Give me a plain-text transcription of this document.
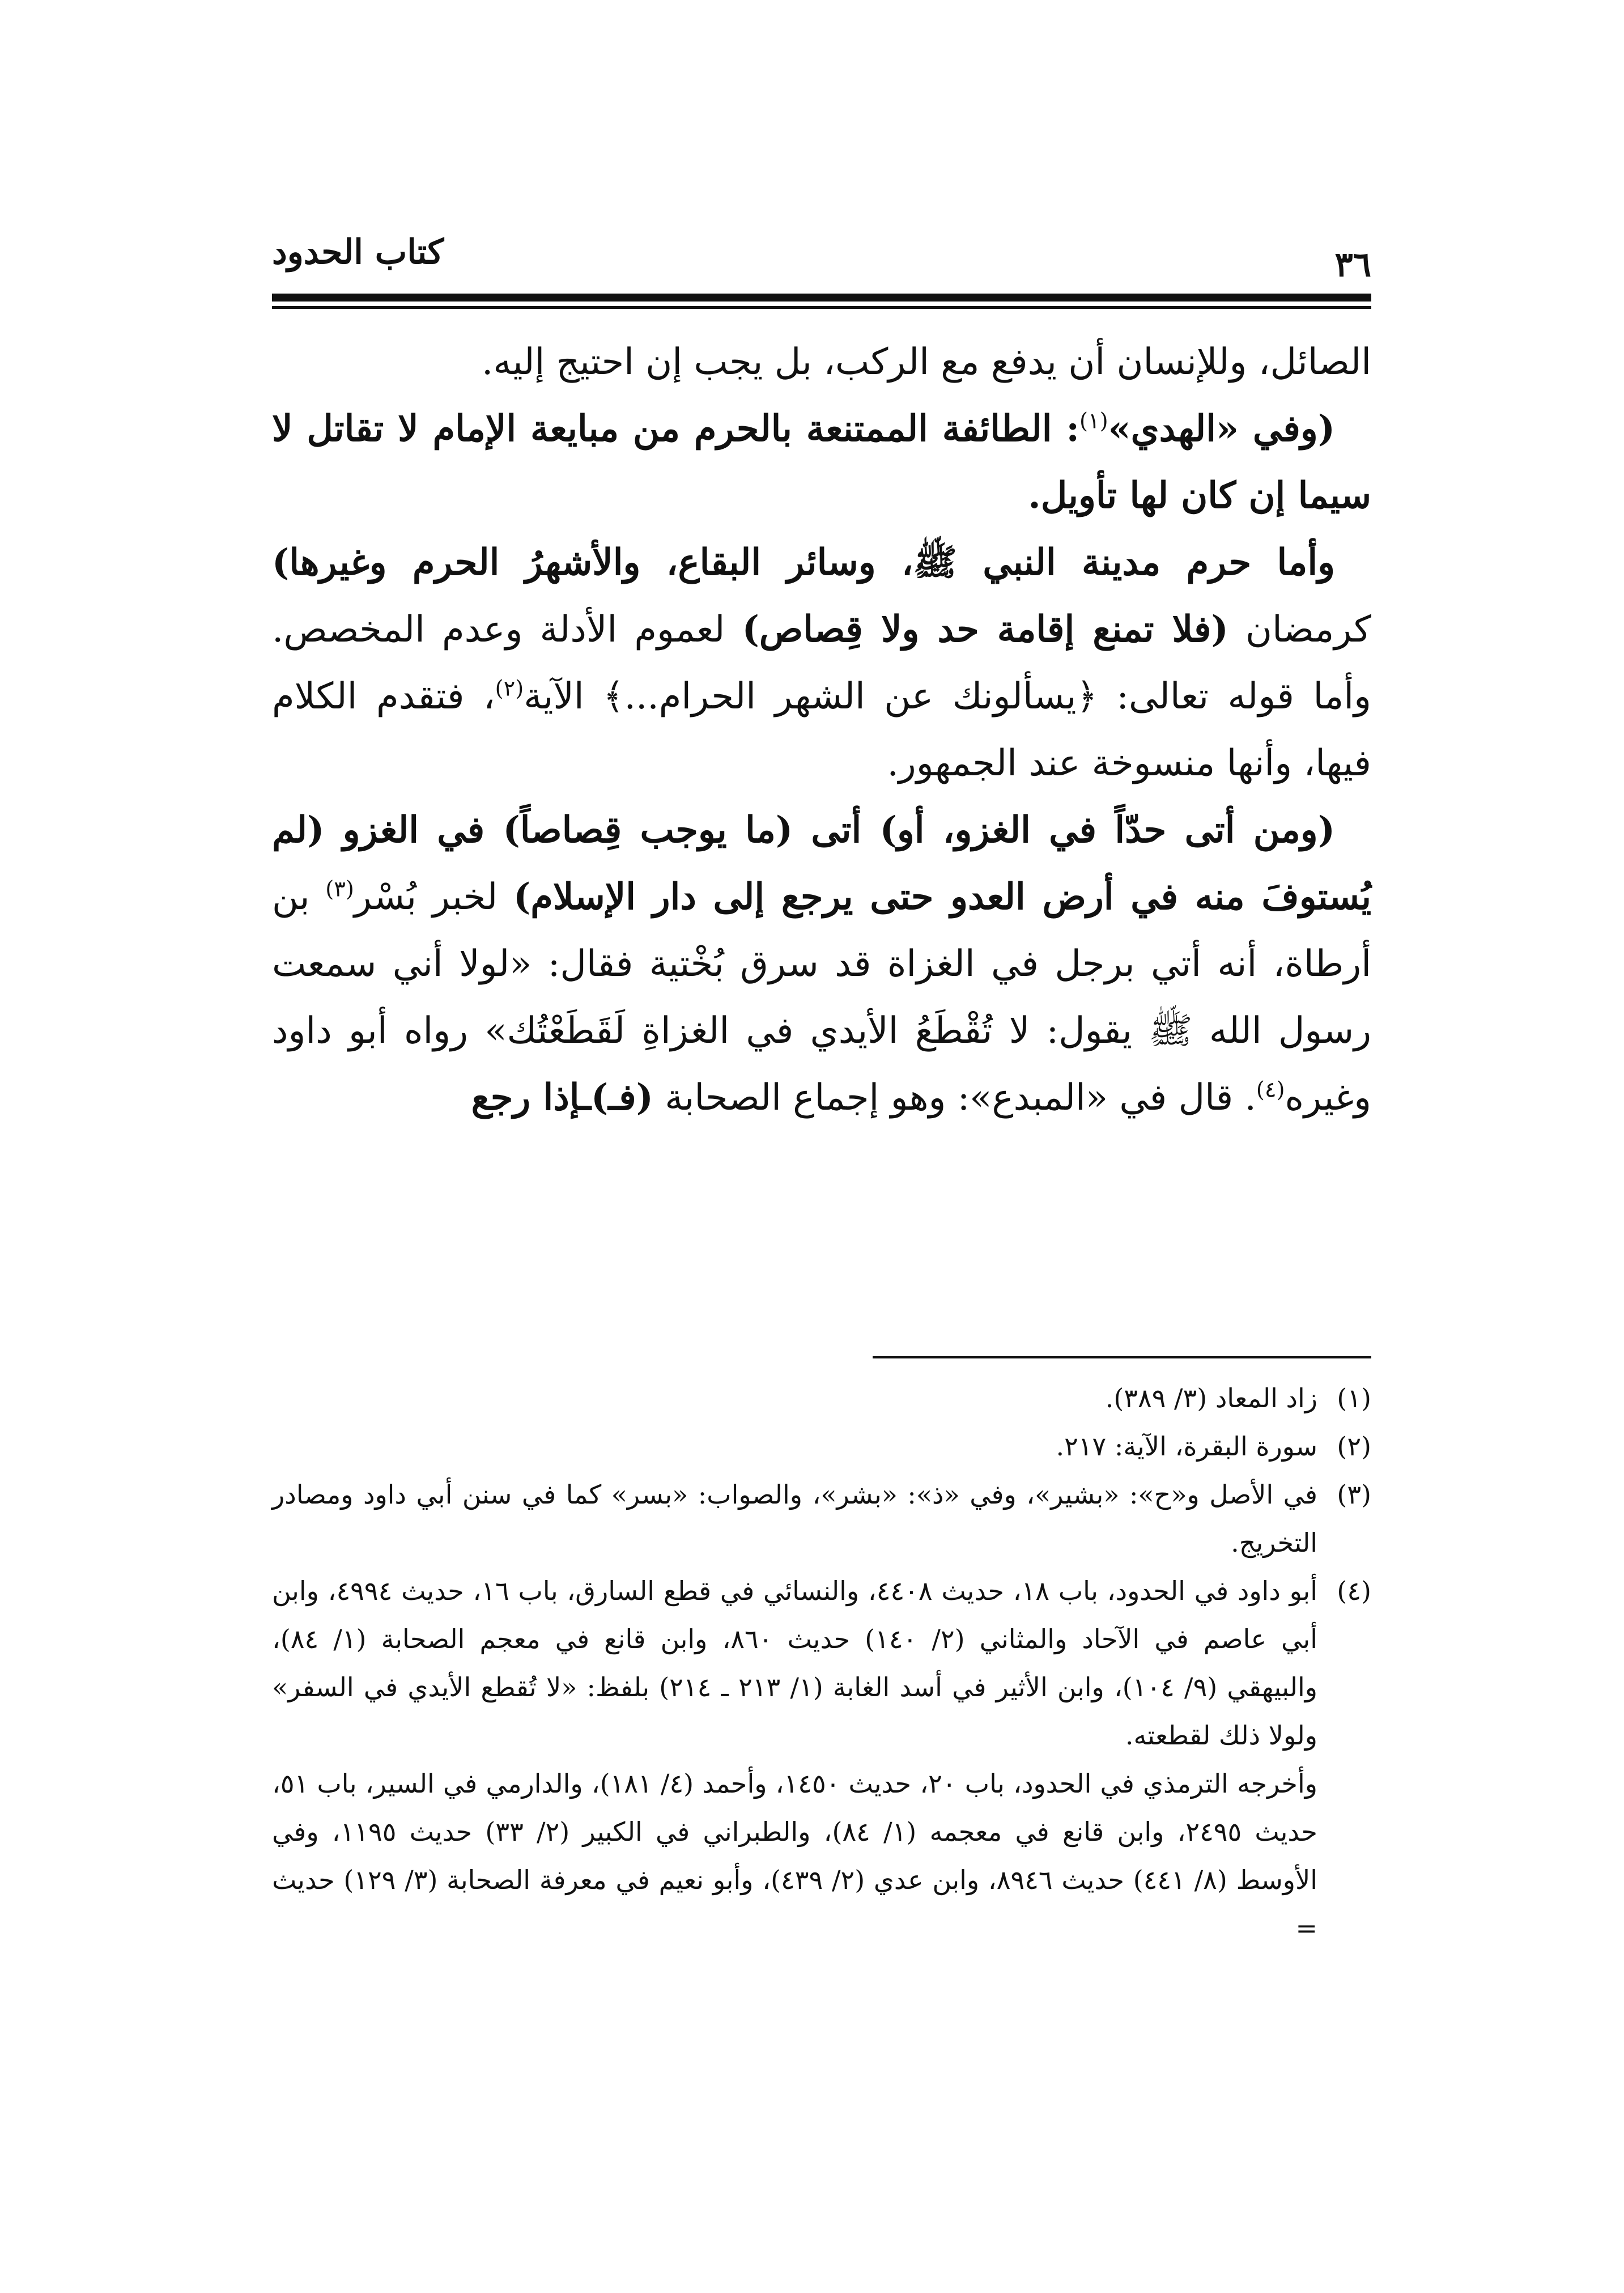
كتاب الحدود	٣٦

الصائل، وللإنسان أن يدفع مع الركب، بل يجب إن احتيج إليه.

 (وفي «الهدي»$^{(١)}$: الطائفة الممتنعة بالحرم من مبايعة الإمام لا تقاتل لا سيما إن كان لها تأويل.

 وأما حرم مدينة النبي ﷺ، وسائر البقاع، والأشهرُ الحرم وغيرها) كرمضان (فلا تمنع إقامة حد ولا قِصاص) لعموم الأدلة وعدم المخصص. وأما قوله تعالى: ﴿يسألونك عن الشهر الحرام...﴾ الآية$^{(٢)}$، فتقدم الكلام فيها، وأنها منسوخة عند الجمهور.

 (ومن أتى حدّاً في الغزو، أو) أتى (ما يوجب قِصاصاً) في الغزو (لم يُستوفَ منه في أرض العدو حتى يرجع إلى دار الإسلام) لخبر بُسْر$^{(٣)}$ بن أرطاة، أنه أتي برجل في الغزاة قد سرق بُخْتية فقال: «لولا أني سمعت رسول الله ﷺ يقول: لا تُقْطَعُ الأيدي في الغزاةِ لَقَطَعْتُك» رواه أبو داود وغيره$^{(٤)}$. قال في «المبدع»: وهو إجماع الصحابة (فـ)ـإذا رجع

(١)
زاد المعاد (٣/ ٣٨٩).

(٢)
سورة البقرة، الآية: ٢١٧.

(٣)
في الأصل و«ح»: «بشير»، وفي «ذ»: «بشر»، والصواب: «بسر» كما في سنن أبي داود ومصادر التخريج.

(٤)
أبو داود في الحدود، باب ١٨، حديث ٤٤٠٨، والنسائي في قطع السارق، باب ١٦، حديث ٤٩٩٤، وابن أبي عاصم في الآحاد والمثاني (٢/ ١٤٠) حديث ٨٦٠، وابن قانع في معجم الصحابة (١/ ٨٤)، والبيهقي (٩/ ١٠٤)، وابن الأثير في أسد الغابة (١/ ٢١٣ ـ ٢١٤) بلفظ: «لا تُقطع الأيدي في السفر» ولولا ذلك لقطعته.

وأخرجه الترمذي في الحدود، باب ٢٠، حديث ١٤٥٠، وأحمد (٤/ ١٨١)، والدارمي في السير، باب ٥١، حديث ٢٤٩٥، وابن قانع في معجمه (١/ ٨٤)، والطبراني في الكبير (٢/ ٣٣) حديث ١١٩٥، وفي الأوسط (٨/ ٤٤١) حديث ٨٩٤٦، وابن عدي (٢/ ٤٣٩)، وأبو نعيم في معرفة الصحابة (٣/ ١٢٩) حديث =
